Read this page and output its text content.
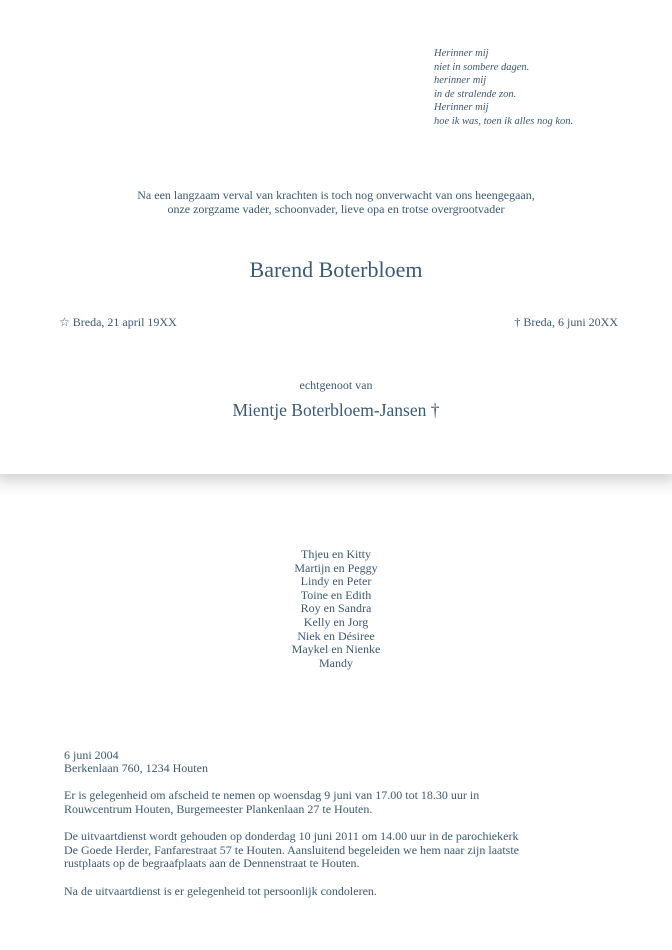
Herinner mij
niet in sombere dagen.
herinner mij
in de stralende zon.
Herinner mij
hoe ik was, toen ik alles nog kon.
Na een langzaam verval van krachten is toch nog onverwacht van ons heengegaan,
onze zorgzame vader, schoonvader, lieve opa en trotse overgrootvader
Barend Boterbloem
☆ Breda, 21 april 19XX	† Breda, 6 juni 20XX
echtgenoot van
Mientje Boterbloem-Jansen †
Thjeu en Kitty
Martijn en Peggy
Lindy en Peter
Toine en Edith
Roy en Sandra
Kelly en Jorg
Niek en Désiree
Maykel en Nienke
Mandy

6 juni 2004
Berkenlaan 760, 1234 Houten

Er is gelegenheid om afscheid te nemen op woensdag 9 juni van 17.00 tot 18.30 uur in
Rouwcentrum Houten, Burgemeester Plankenlaan 27 te Houten.

De uitvaartdienst wordt gehouden op donderdag 10 juni 2011 om 14.00 uur in de parochiekerk
De Goede Herder, Fanfarestraat 57 te Houten. Aansluitend begeleiden we hem naar zijn laatste
rustplaats op de begraafplaats aan de Dennenstraat te Houten.

Na de uitvaartdienst is er gelegenheid tot persoonlijk condoleren.
